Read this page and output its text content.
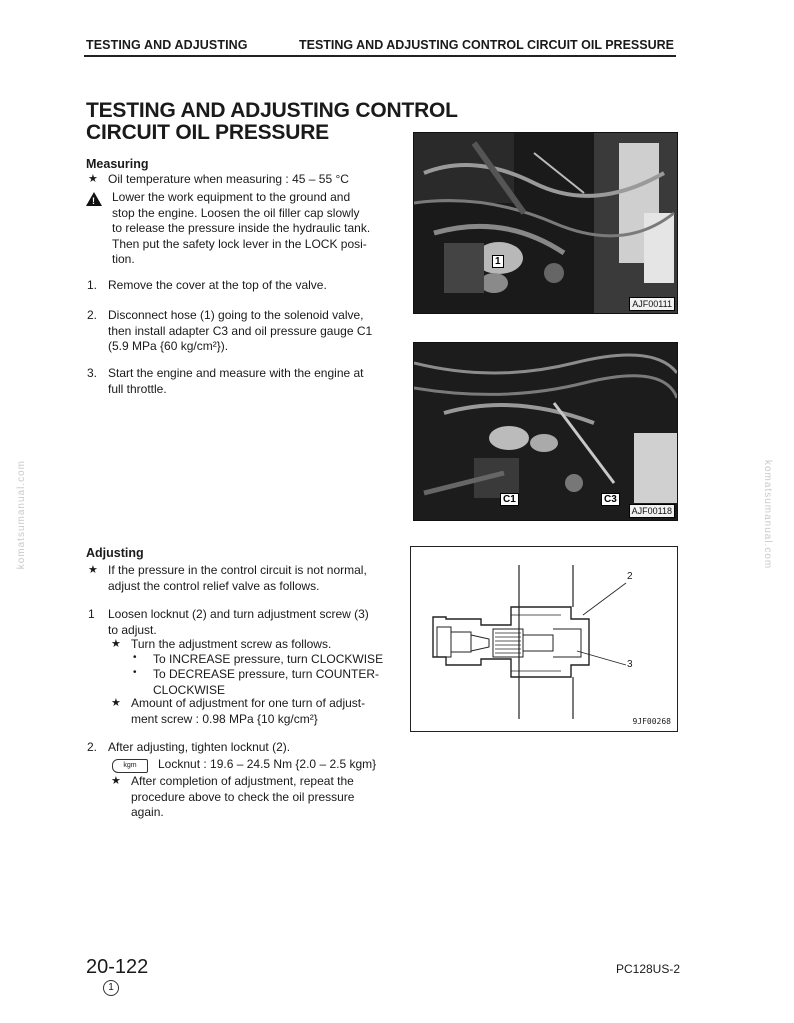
TESTING AND ADJUSTING	TESTING AND ADJUSTING CONTROL CIRCUIT OIL PRESSURE
TESTING AND ADJUSTING CONTROL
CIRCUIT OIL PRESSURE
Measuring
★ Oil temperature when measuring : 45 – 55 °C
! Lower the work equipment to the ground and
stop the engine. Loosen the oil filler cap slowly
to release the pressure inside the hydraulic tank.
Then put the safety lock lever in the LOCK posi-
tion.
1. Remove the cover at the top of the valve.
2. Disconnect hose (1) going to the solenoid valve,
then install adapter C3 and oil pressure gauge C1
(5.9 MPa {60 kg/cm²}).
3. Start the engine and measure with the engine at
full throttle.
1
AJF00111
C1	C3
AJF00118
Adjusting
★ If the pressure in the control circuit is not normal,
adjust the control relief valve as follows.
1 Loosen locknut (2) and turn adjustment screw (3)
to adjust.
★ Turn the adjustment screw as follows.
• To INCREASE pressure, turn CLOCKWISE
• To DECREASE pressure, turn COUNTER-
CLOCKWISE
★ Amount of adjustment for one turn of adjust-
ment screw : 0.98 MPa {10 kg/cm²}
2. After adjusting, tighten locknut (2).
kgm	Locknut : 19.6 – 24.5 Nm {2.0 – 2.5 kgm}
★ After completion of adjustment, repeat the
procedure above to check the oil pressure
again.
2
3
9JF00268
20-122
1
PC128US-2
komatsumanual.com	komatsumanual.com
